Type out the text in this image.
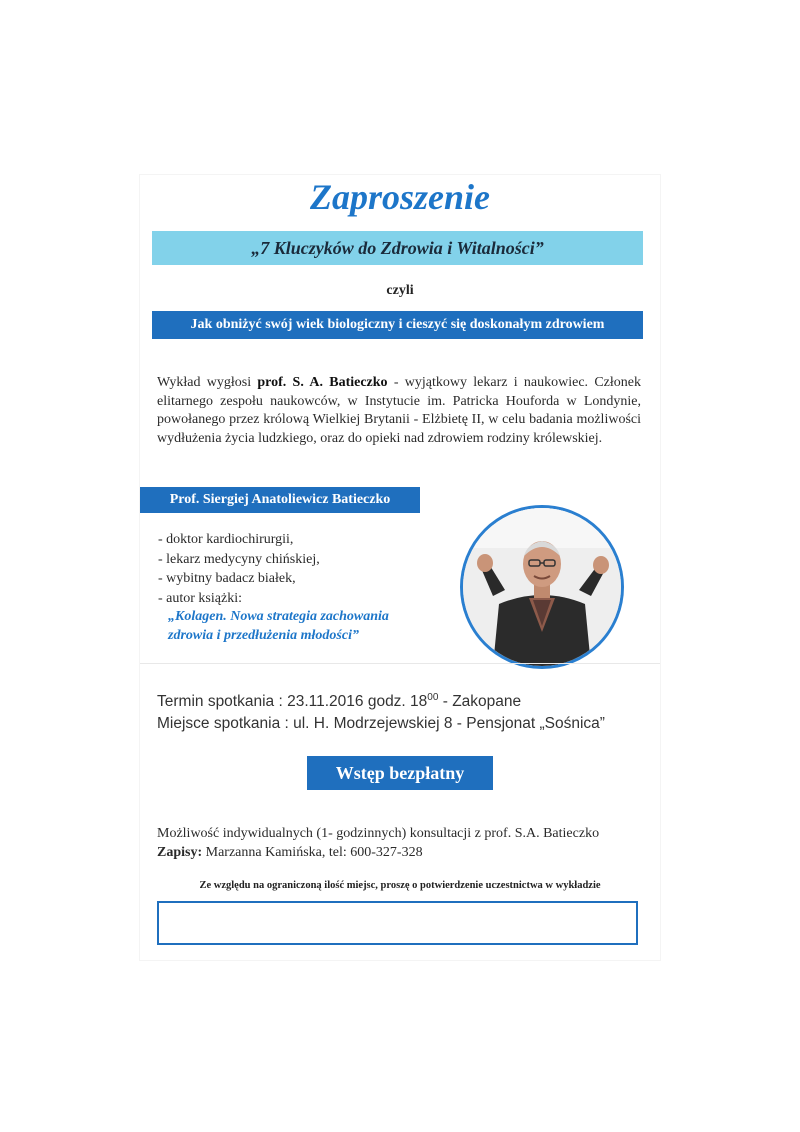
Zaproszenie
„7 Kluczyków do Zdrowia i Witalności”
czyli
Jak obniżyć swój wiek biologiczny i cieszyć się doskonałym zdrowiem
Wykład wygłosi prof. S. A. Batieczko - wyjątkowy lekarz i naukowiec. Członek elitarnego zespołu naukowców, w Instytucie im. Patricka Houforda w Londynie, powołanego przez królową Wielkiej Brytanii - Elżbietę II, w celu badania możliwości wydłużenia życia ludzkiego, oraz do opieki nad zdrowiem rodziny królewskiej.
Prof. Siergiej Anatoliewicz Batieczko
- doktor kardiochirurgii,
- lekarz medycyny chińskiej,
- wybitny badacz białek,
- autor książki:
„Kolagen. Nowa strategia zachowania
zdrowia i przedłużenia młodości”
Termin spotkania : 23.11.2016 godz. $18^{00}$ - Zakopane
Miejsce spotkania : ul. H. Modrzejewskiej 8 - Pensjonat „Sośnica”
Wstęp bezpłatny
Możliwość indywidualnych (1- godzinnych) konsultacji z prof. S.A. Batieczko
Zapisy: Marzanna Kamińska, tel: 600-327-328
Ze względu na ograniczoną ilość miejsc, proszę o potwierdzenie uczestnictwa w wykładzie
